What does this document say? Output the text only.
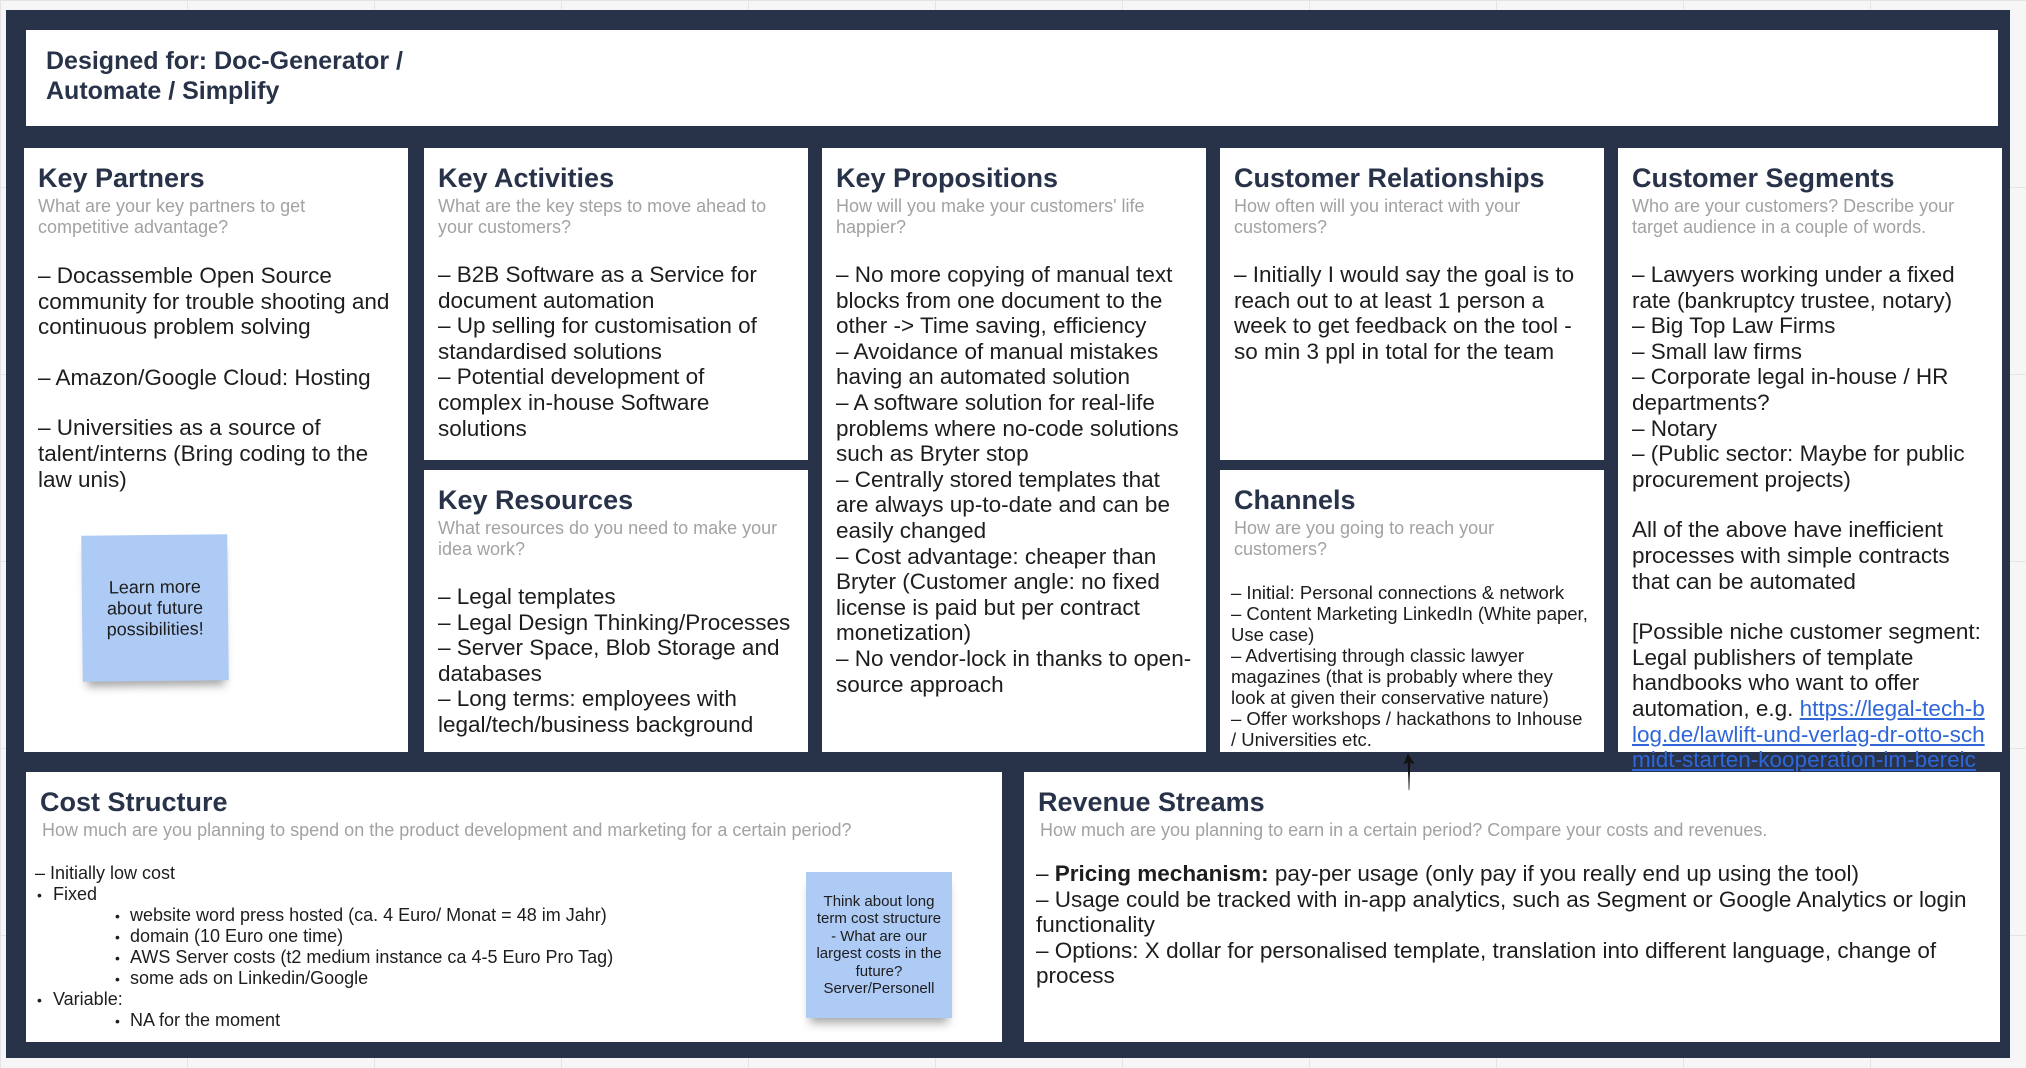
Designed for: Doc-Generator /
Automate / Simplify
Key Partners
What are your key partners to get competitive advantage?

– Docassemble Open Source community for trouble shooting and continuous problem solving

– Amazon/Google Cloud: Hosting

– Universities as a source of talent/interns (Bring coding to the law unis)

Learn more about future possibilities!
Key Activities
What are the key steps to move ahead to your customers?

– B2B Software as a Service for document automation

– Up selling for customisation of standardised solutions

– Potential development of complex in-house Software solutions

Key Resources
What resources do you need to make your idea work?

– Legal templates

– Legal Design Thinking/Processes

– Server Space, Blob Storage and databases

– Long terms: employees with legal/tech/business background

Key Propositions
How will you make your customers' life happier?

– No more copying of manual text blocks from one document to the other -> Time saving, efficiency

– Avoidance of manual mistakes having an automated solution

– A software solution for real-life problems where no-code solutions such as Bryter stop

– Centrally stored templates that are always up-to-date and can be easily changed

– Cost advantage: cheaper than Bryter (Customer angle: no fixed license is paid but per contract monetization)

– No vendor-lock in thanks to open-source approach

Customer Relationships
How often will you interact with your customers?

– Initially I would say the goal is to reach out to at least 1 person a week to get feedback on the tool - so min 3 ppl in total for the team

Channels
How are you going to reach your customers?

– Initial: Personal connections & network

– Content Marketing LinkedIn (White paper, Use case)

– Advertising through classic lawyer magazines (that is probably where they look at given their conservative nature)

– Offer workshops / hackathons to Inhouse / Universities etc.

Customer Segments
Who are your customers? Describe your target audience in a couple of words.

– Lawyers working under a fixed rate (bankruptcy trustee, notary)

– Big Top Law Firms

– Small law firms

– Corporate legal in-house / HR departments?

– Notary

– (Public sector: Maybe for public procurement projects)

All of the above have inefficient processes with simple contracts that can be automated

[Possible niche customer segment: Legal publishers of template handbooks who want to offer automation, e.g. https://legal-tech-blog.de/lawlift-und-verlag-dr-otto-schmidt-starten-kooperation-im-bereic

Cost Structure
How much are you planning to spend on the product development and marketing for a certain period?
– Initially low cost
• Fixed
• website word press hosted (ca. 4 Euro/ Monat = 48 im Jahr)
• domain (10 Euro one time)
• AWS Server costs (t2 medium instance ca 4-5 Euro Pro Tag)
• some ads on Linkedin/Google
• Variable:
• NA for the moment
Think about long term cost structure - What are our largest costs in the future? Server/Personell
Revenue Streams
How much are you planning to earn in a certain period? Compare your costs and revenues.

– Pricing mechanism: pay-per usage (only pay if you really end up using the tool)

– Usage could be tracked with in-app analytics, such as Segment or Google Analytics or login functionality

– Options: X dollar for personalised template, translation into different language, change of process
